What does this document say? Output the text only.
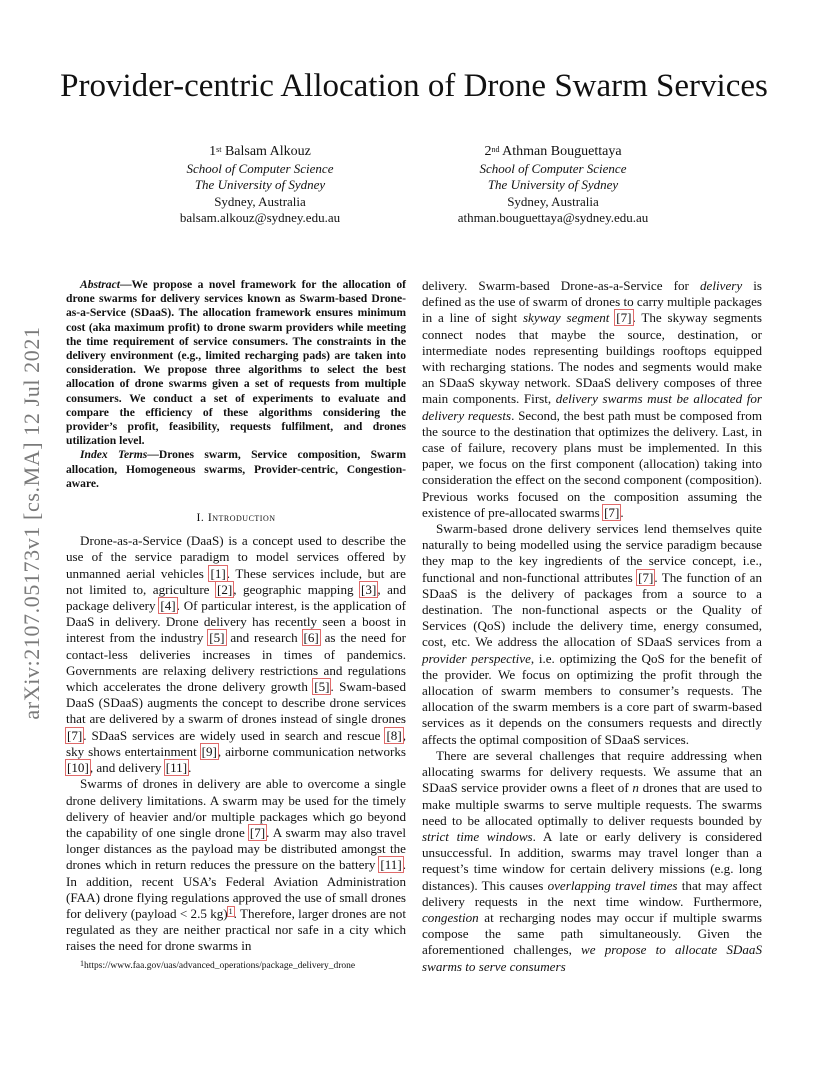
arXiv:2107.05173v1 [cs.MA] 12 Jul 2021
Provider-centric Allocation of Drone Swarm Services
1st Balsam Alkouz
School of Computer Science
The University of Sydney
Sydney, Australia
balsam.alkouz@sydney.edu.au
2nd Athman Bouguettaya
School of Computer Science
The University of Sydney
Sydney, Australia
athman.bouguettaya@sydney.edu.au

Abstract—We propose a novel framework for the allocation of drone swarms for delivery services known as Swarm-based Drone-as-a-Service (SDaaS). The allocation framework ensures minimum cost (aka maximum profit) to drone swarm providers while meeting the time requirement of service consumers. The constraints in the delivery environment (e.g., limited recharging pads) are taken into consideration. We propose three algorithms to select the best allocation of drone swarms given a set of requests from multiple consumers. We conduct a set of experiments to evaluate and compare the efficiency of these algorithms considering the provider’s profit, feasibility, requests fulfilment, and drones utilization level.

Index Terms—Drones swarm, Service composition, Swarm allocation, Homogeneous swarms, Provider-centric, Congestion-aware.

I. Introduction

Drone-as-a-Service (DaaS) is a concept used to describe the use of the service paradigm to model services offered by unmanned aerial vehicles [1]. These services include, but are not limited to, agriculture [2], geographic mapping [3], and package delivery [4]. Of particular interest, is the application of DaaS in delivery. Drone delivery has recently seen a boost in interest from the industry [5] and research [6] as the need for contact-less deliveries increases in times of pandemics. Governments are relaxing delivery restrictions and regulations which accelerates the drone delivery growth [5]. Swam-based DaaS (SDaaS) augments the concept to describe drone services that are delivered by a swarm of drones instead of single drones [7]. SDaaS services are widely used in search and rescue [8], sky shows entertainment [9], airborne communication networks [10], and delivery [11].

Swarms of drones in delivery are able to overcome a single drone delivery limitations. A swarm may be used for the timely delivery of heavier and/or multiple packages which go beyond the capability of one single drone [7]. A swarm may also travel longer distances as the payload may be distributed amongst the drones which in return reduces the pressure on the battery [11]. In addition, recent USA’s Federal Aviation Administration (FAA) drone flying regulations approved the use of small drones for delivery (payload < 2.5 kg)$^1$. Therefore, larger drones are not regulated as they are neither practical nor safe in a city which raises the need for drone swarms in

delivery. Swarm-based Drone-as-a-Service for delivery is defined as the use of swarm of drones to carry multiple packages in a line of sight skyway segment [7]. The skyway segments connect nodes that maybe the source, destination, or intermediate nodes representing buildings rooftops equipped with recharging stations. The nodes and segments would make an SDaaS skyway network. SDaaS delivery composes of three main components. First, delivery swarms must be allocated for delivery requests. Second, the best path must be composed from the source to the destination that optimizes the delivery. Last, in case of failure, recovery plans must be implemented. In this paper, we focus on the first component (allocation) taking into consideration the effect on the second component (composition). Previous works focused on the composition assuming the existence of pre-allocated swarms [7].

Swarm-based drone delivery services lend themselves quite naturally to being modelled using the service paradigm because they map to the key ingredients of the service concept, i.e., functional and non-functional attributes [7]. The function of an SDaaS is the delivery of packages from a source to a destination. The non-functional aspects or the Quality of Services (QoS) include the delivery time, energy consumed, cost, etc. We address the allocation of SDaaS services from a provider perspective, i.e. optimizing the QoS for the benefit of the provider. We focus on optimizing the profit through the allocation of swarm members to consumer’s requests. The allocation of the swarm members is a core part of swarm-based services as it depends on the consumers requests and directly affects the optimal composition of SDaaS services.

There are several challenges that require addressing when allocating swarms for delivery requests. We assume that an SDaaS service provider owns a fleet of n drones that are used to make multiple swarms to serve multiple requests. The swarms need to be allocated optimally to deliver requests bounded by strict time windows. A late or early delivery is considered unsuccessful. In addition, swarms may travel longer than a request’s time window for certain delivery missions (e.g. long distances). This causes overlapping travel times that may affect delivery requests in the next time window. Furthermore, congestion at recharging nodes may occur if multiple swarms compose the same path simultaneously. Given the aforementioned challenges, we propose to allocate SDaaS swarms to serve consumers

$^1$https://www.faa.gov/uas/advanced_operations/package_delivery_drone
